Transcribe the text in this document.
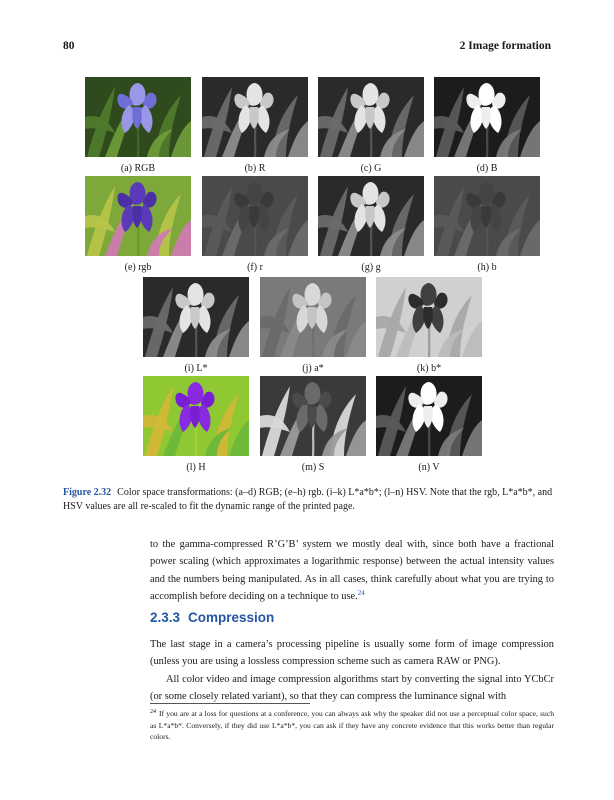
80	2 Image formation
(a) RGB	(b) R	(c) G	(d) B
(e) rgb	(f) r	(g) g	(h) b
(i) L*	(j) a*	(k) b*
(l) H	(m) S	(n) V
Figure 2.32 Color space transformations: (a–d) RGB; (e–h) rgb. (i–k) L*a*b*; (l–n) HSV. Note that the rgb, L*a*b*, and HSV values are all re-scaled to fit the dynamic range of the printed page.
to the gamma-compressed R’G’B’ system we mostly deal with, since both have a fractional power scaling (which approximates a logarithmic response) between the actual intensity values and the numbers being manipulated. As in all cases, think carefully about what you are trying to accomplish before deciding on a technique to use.$^{24}$
2.3.3 Compression
The last stage in a camera’s processing pipeline is usually some form of image compression (unless you are using a lossless compression scheme such as camera RAW or PNG).
All color video and image compression algorithms start by converting the signal into YCbCr (or some closely related variant), so that they can compress the luminance signal with
$^{24}$ If you are at a loss for questions at a conference, you can always ask why the speaker did not use a perceptual color space, such as L*a*b*. Conversely, if they did use L*a*b*, you can ask if they have any concrete evidence that this works better than regular colors.
